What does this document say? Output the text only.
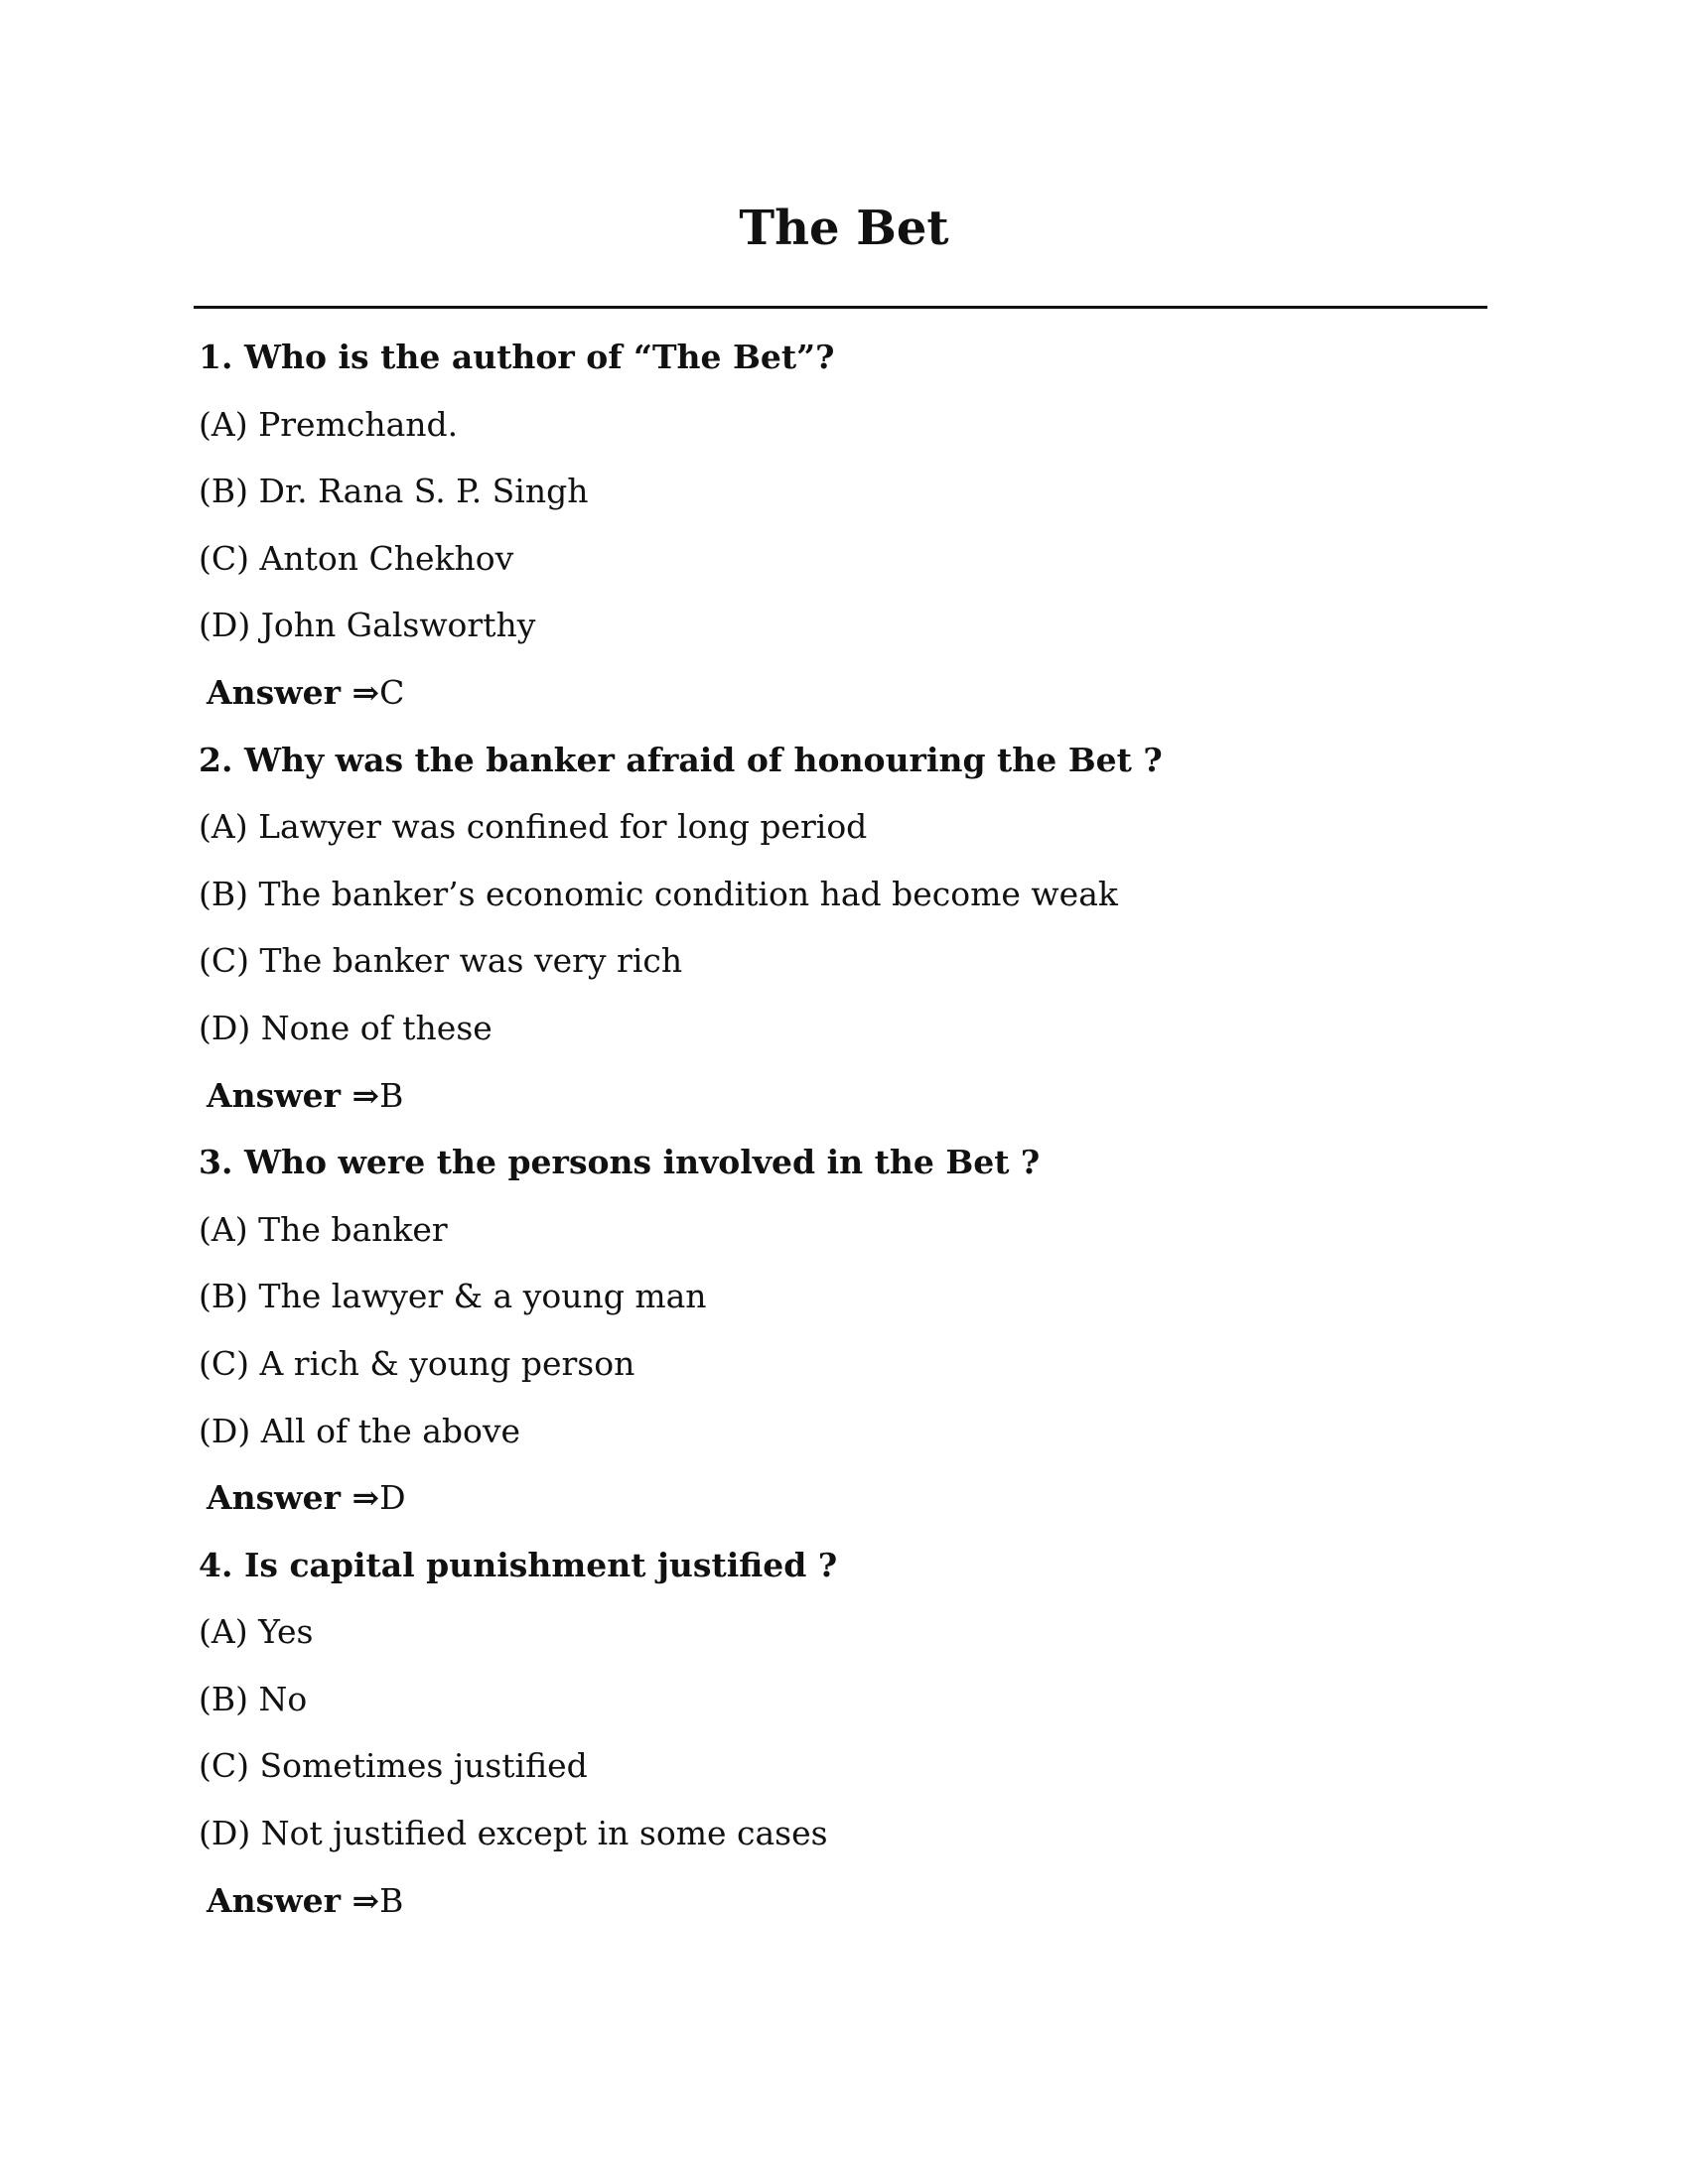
The Bet
1. Who is the author of “The Bet”?
(A) Premchand.
(B) Dr. Rana S. P. Singh
(C) Anton Chekhov
(D) John Galsworthy
Answer ⇒C
2. Why was the banker afraid of honouring the Bet ?
(A) Lawyer was confined for long period
(B) The banker’s economic condition had become weak
(C) The banker was very rich
(D) None of these
Answer ⇒B
3. Who were the persons involved in the Bet ?
(A) The banker
(B) The lawyer & a young man
(C) A rich & young person
(D) All of the above
Answer ⇒D
4. Is capital punishment justified ?
(A) Yes
(B) No
(C) Sometimes justified
(D) Not justified except in some cases
Answer ⇒B
